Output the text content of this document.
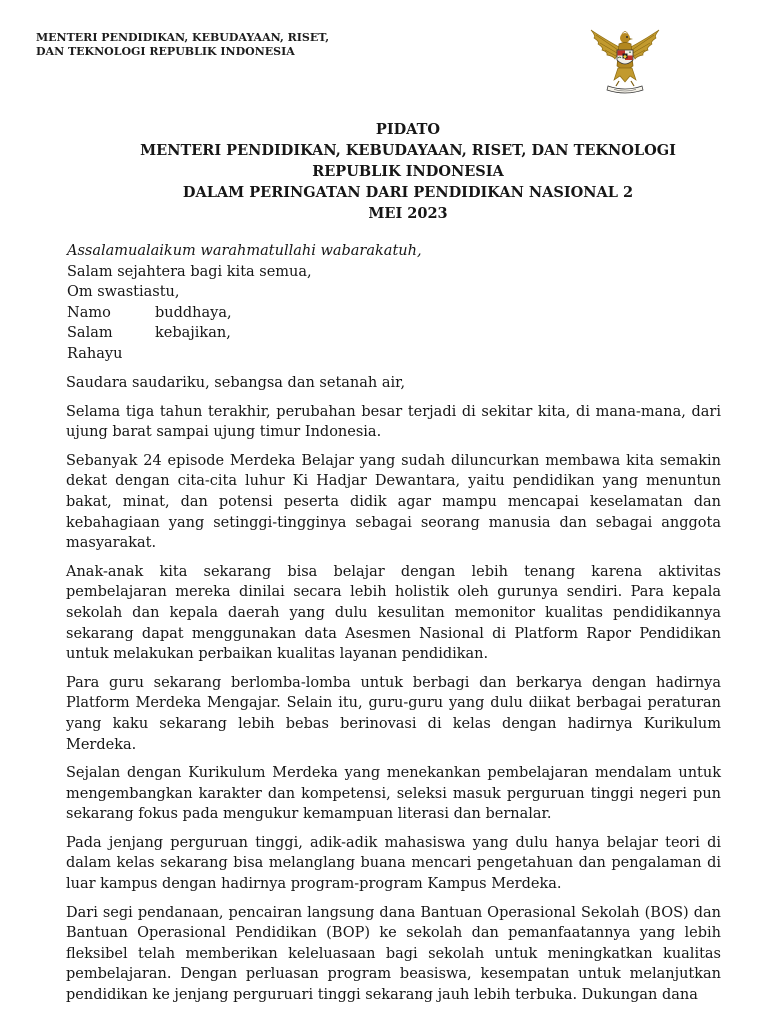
MENTERI PENDIDIKAN, KEBUDAYAAN, RISET,
DAN TEKNOLOGI REPUBLIK INDONESIA
PIDATO
MENTERI PENDIDIKAN, KEBUDAYAAN, RISET, DAN TEKNOLOGI
REPUBLIK INDONESIA
DALAM PERINGATAN DARI PENDIDIKAN NASIONAL 2
MEI 2023
Assalamualaikum warahmatullahi wabarakatuh,
Salam sejahtera bagi kita semua,
Om swastiastu,
Namo	buddhaya,
Salam	kebajikan,
Rahayu

Saudara saudariku, sebangsa dan setanah air,

Selama tiga tahun terakhir, perubahan besar terjadi di sekitar kita, di mana-mana, dari ujung barat sampai ujung timur Indonesia.

Sebanyak 24 episode Merdeka Belajar yang sudah diluncurkan membawa kita semakin dekat dengan cita-cita luhur Ki Hadjar Dewantara, yaitu pendidikan yang menuntun bakat, minat, dan potensi peserta didik agar mampu mencapai keselamatan dan kebahagiaan yang setinggi-tingginya sebagai seorang manusia dan sebagai anggota masyarakat.

Anak-anak kita sekarang bisa belajar dengan lebih tenang karena aktivitas pembelajaran mereka dinilai secara lebih holistik oleh gurunya sendiri. Para kepala sekolah dan kepala daerah yang dulu kesulitan memonitor kualitas pendidikannya sekarang dapat menggunakan data Asesmen Nasional di Platform Rapor Pendidikan untuk melakukan perbaikan kualitas layanan pendidikan.

Para guru sekarang berlomba-lomba untuk berbagi dan berkarya dengan hadirnya Platform Merdeka Mengajar. Selain itu, guru-guru yang dulu diikat berbagai peraturan yang kaku sekarang lebih bebas berinovasi di kelas dengan hadirnya Kurikulum Merdeka.

Sejalan dengan Kurikulum Merdeka yang menekankan pembelajaran mendalam untuk mengembangkan karakter dan kompetensi, seleksi masuk perguruan tinggi negeri pun sekarang fokus pada mengukur kemampuan literasi dan bernalar.

Pada jenjang perguruan tinggi, adik-adik mahasiswa yang dulu hanya belajar teori di dalam kelas sekarang bisa melanglang buana mencari pengetahuan dan pengalaman di luar kampus dengan hadirnya program-program Kampus Merdeka.

Dari segi pendanaan, pencairan langsung dana Bantuan Operasional Sekolah (BOS) dan Bantuan Operasional Pendidikan (BOP) ke sekolah dan pemanfaatannya yang lebih fleksibel telah memberikan keleluasaan bagi sekolah untuk meningkatkan kualitas pembelajaran. Dengan perluasan program beasiswa, kesempatan untuk melanjutkan pendidikan ke jenjang perguruari tinggi sekarang jauh lebih terbuka. Dukungan dana
